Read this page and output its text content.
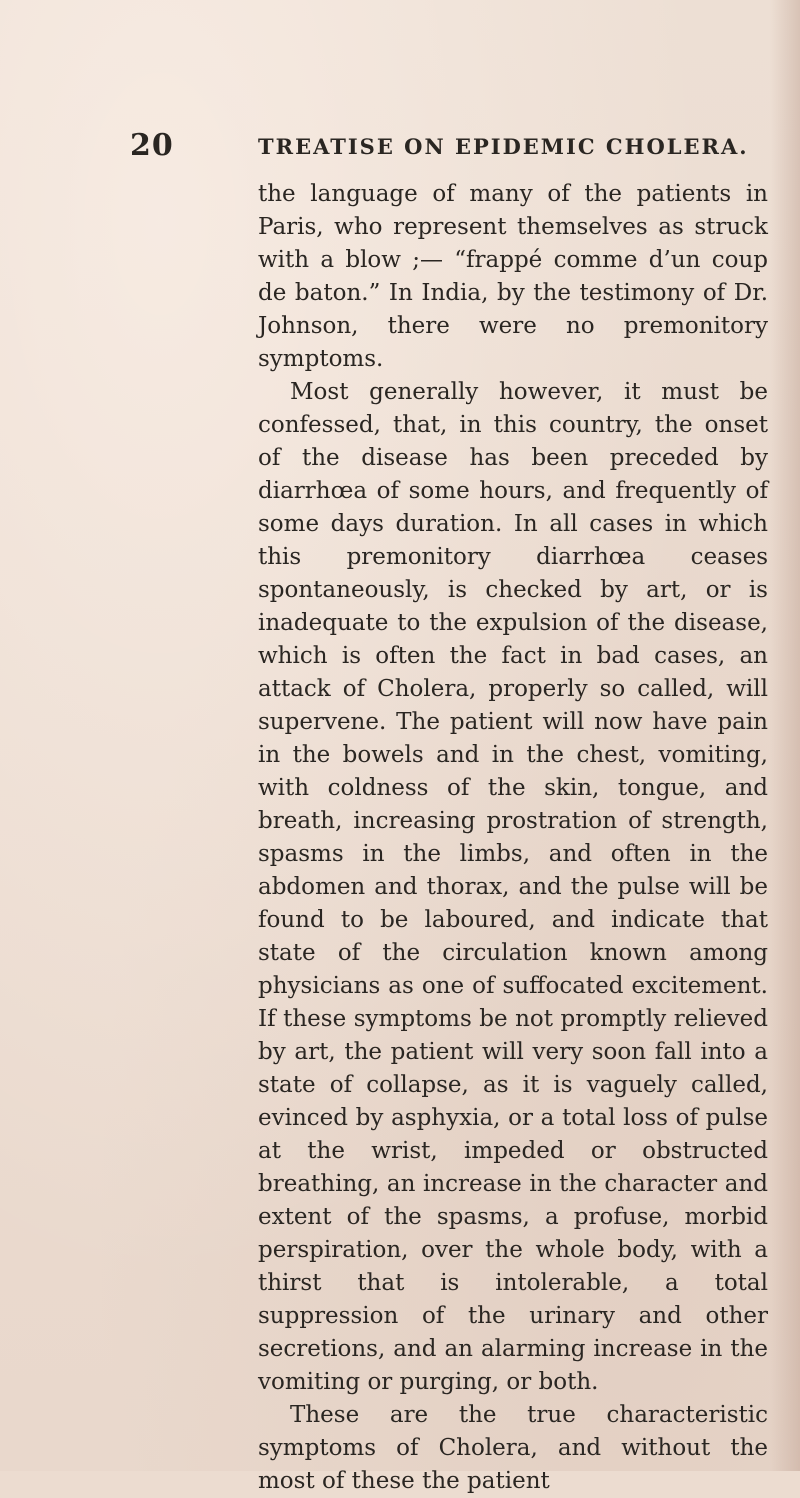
20	TREATISE ON EPIDEMIC CHOLERA.

the language of many of the patients in Paris, who represent themselves as struck with a blow ;— “frappé comme d’un coup de baton.” In India, by the testimony of Dr. Johnson, there were no premonitory symptoms.

Most generally however, it must be confessed, that, in this country, the onset of the disease has been preceded by diarrhœa of some hours, and frequently of some days duration. In all cases in which this premonitory diarrhœa ceases spontaneously, is checked by art, or is inadequate to the expulsion of the disease, which is often the fact in bad cases, an attack of Cholera, properly so called, will supervene. The patient will now have pain in the bowels and in the chest, vomiting, with coldness of the skin, tongue, and breath, increasing prostration of strength, spasms in the limbs, and often in the abdomen and thorax, and the pulse will be found to be laboured, and indicate that state of the circulation known among physicians as one of suffocated excitement. If these symptoms be not promptly relieved by art, the patient will very soon fall into a state of collapse, as it is vaguely called, evinced by asphyxia, or a total loss of pulse at the wrist, impeded or obstructed breathing, an increase in the character and extent of the spasms, a profuse, morbid perspiration, over the whole body, with a thirst that is intolerable, a total suppression of the urinary and other secretions, and an alarming increase in the vomiting or purging, or both.

These are the true characteristic symptoms of Cholera, and without the most of these the patient
